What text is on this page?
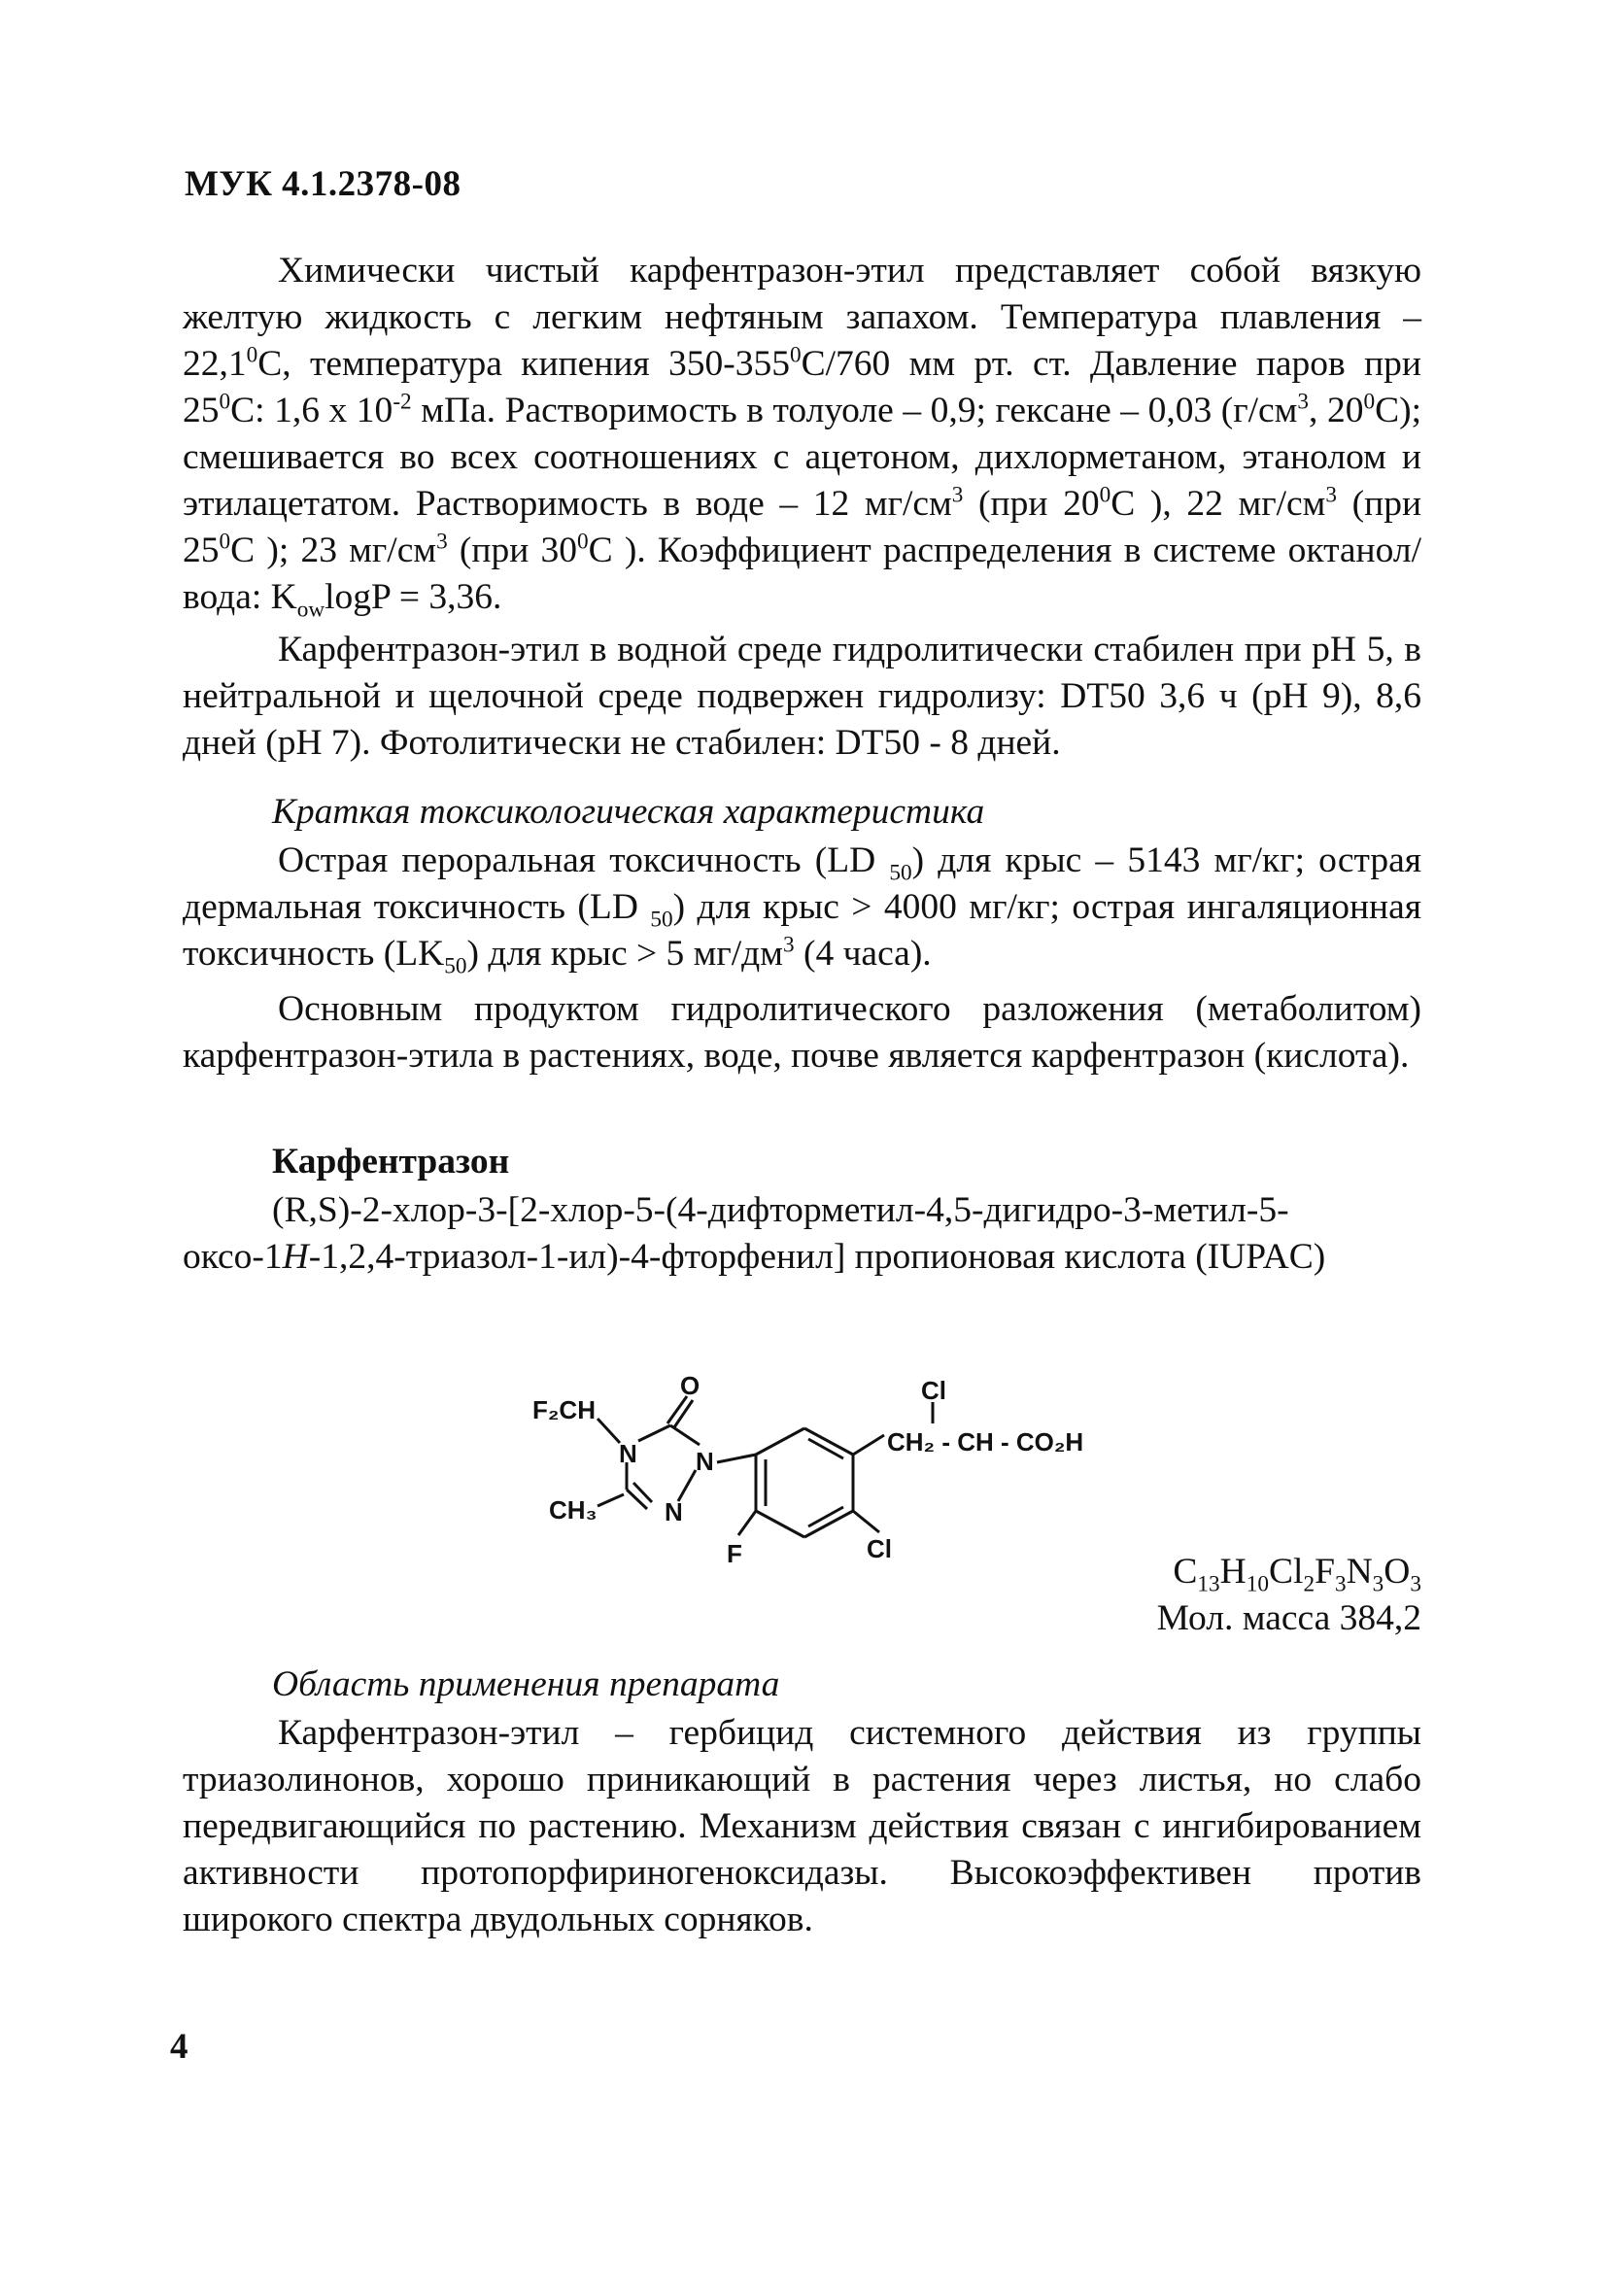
МУК 4.1.2378-08

Химически чистый карфентразон-этил представляет собой вязкую желтую жидкость с легким нефтяным запахом. Температура плавления – 22,1$^0$С, температура кипения $350-355^0С/760$ мм рт. ст. Давление паров при $25^0С$: 1,6 х $10^{-2}$ мПа. Растворимость в толуоле – 0,9; гексане – 0,03 ($г/см^3$, $20^0С$); смешивается во всех соотношениях с ацетоном, дихлорметаном, этанолом и этилацетатом. Растворимость в воде – 12 $мг/см^3$ (при $20^0С$ ), 22 $мг/см^3$ (при $25^0С$ ); 23 $мг/см^3$ (при $30^0С$ ). Коэффициент распределения в системе октанол/вода: $K_{ow}\log P = 3,36$.

Карфентразон-этил в водной среде гидролитически стабилен при pH 5, в нейтральной и щелочной среде подвержен гидролизу: DT50 3,6 ч (pH 9), 8,6 дней (pH 7). Фотолитически не стабилен: DT50 - 8 дней.

Краткая токсикологическая характеристика

Острая пероральная токсичность (LD $_{50}$) для крыс – 5143 мг/кг; острая дермальная токсичность (LD $_{50}$) для крыс > 4000 мг/кг; острая ингаляционная токсичность $(LK_{50})$ для крыс > 5 $мг/дм^3$ (4 часа).

Основным продуктом гидролитического разложения (метаболитом) карфентразон-этила в растениях, воде, почве является карфентразон (кислота).

Карфентразон

(R,S)-2-хлор-3-[2-хлор-5-(4-дифторметил-4,5-дигидро-3-метил-5-оксо-1H-1,2,4-триазол-1-ил)-4-фторфенил] пропионовая кислота (IUPAC)

F₂CH
O
N N
N
CH₃
F	Cl
Cl
CH₂ - CH - CO₂H
$C_{13}H_{10}Cl_2F_3N_3O_3$
Мол. масса 384,2
Область применения препарата

Карфентразон-этил – гербицид системного действия из группы триазолинонов, хорошо приникающий в растения через листья, но слабо передвигающийся по растению. Механизм действия связан с ингибированием активности протопорфириногеноксидазы. Высокоэффективен против широкого спектра двудольных сорняков.

4
